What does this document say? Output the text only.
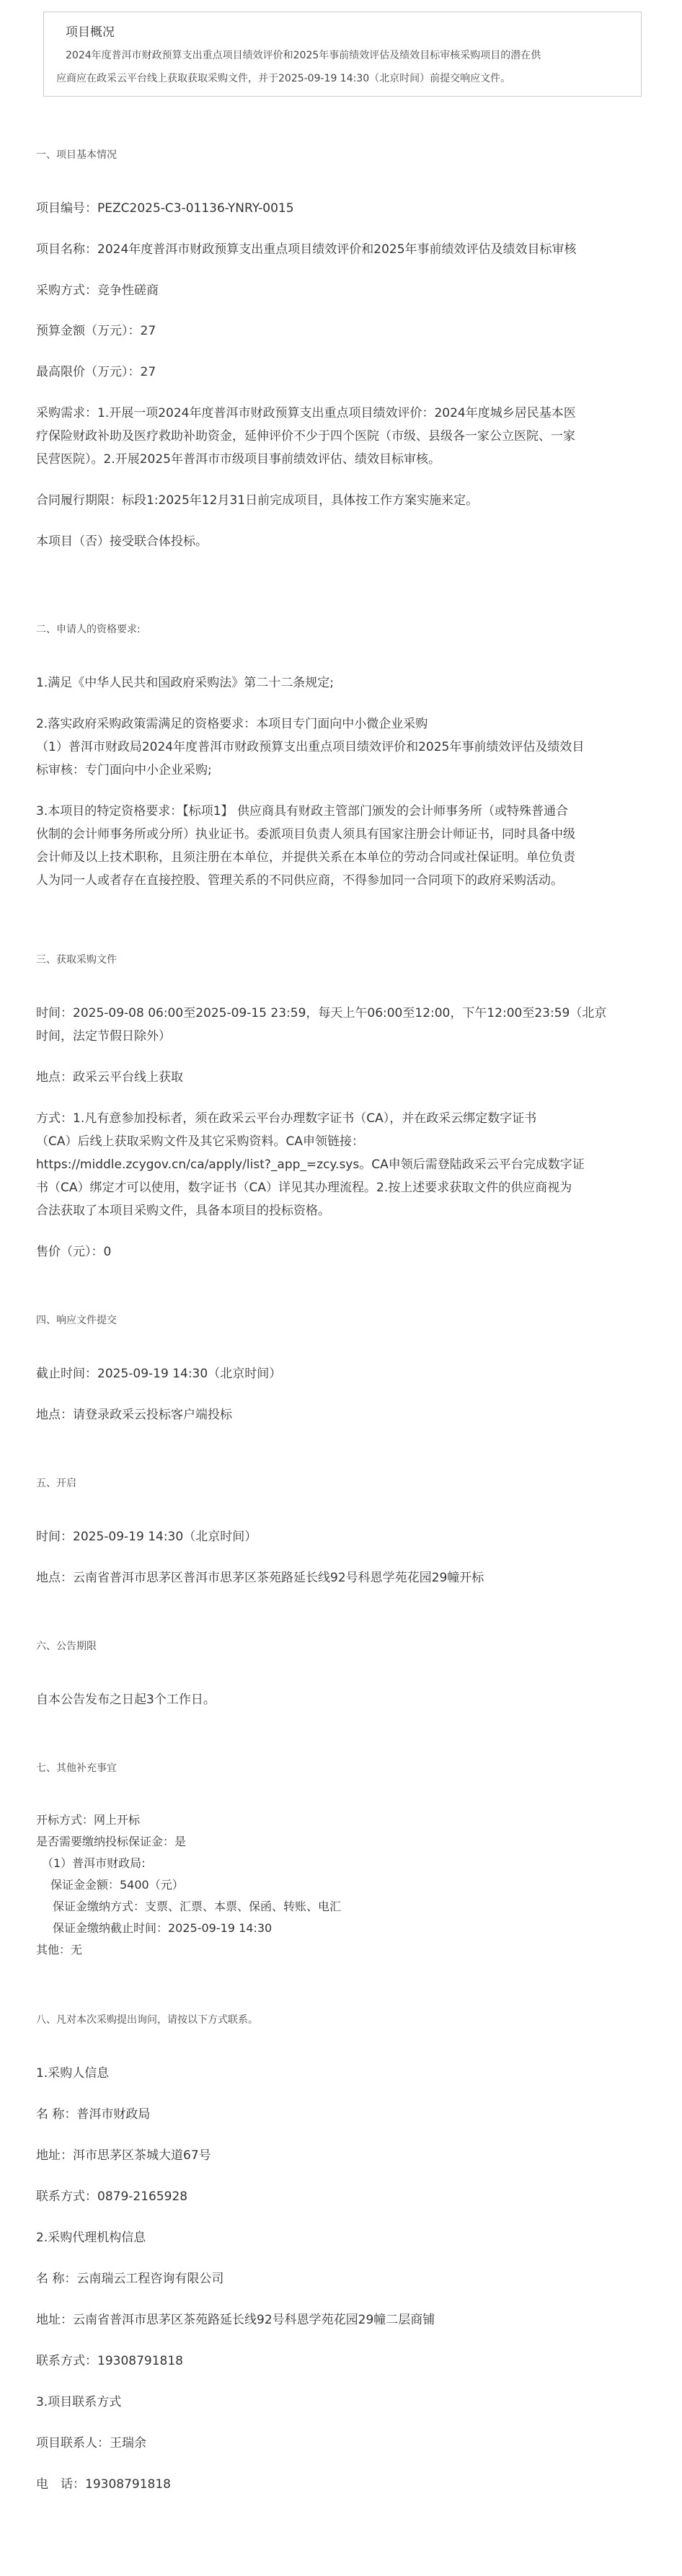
项目概况

2024年度普洱市财政预算支出重点项目绩效评价和2025年事前绩效评估及绩效目标审核采购项目的潜在供

应商应在政采云平台线上获取获取采购文件，并于2025-09-19 14:30（北京时间）前提交响应文件。

一、项目基本情况

项目编号：PEZC2025-C3-01136-YNRY-0015

项目名称：2024年度普洱市财政预算支出重点项目绩效评价和2025年事前绩效评估及绩效目标审核

采购方式：竞争性磋商

预算金额（万元）：27

最高限价（万元）：27

采购需求：1.开展一项2024年度普洱市财政预算支出重点项目绩效评价：2024年度城乡居民基本医

疗保险财政补助及医疗救助补助资金，延伸评价不少于四个医院（市级、县级各一家公立医院、一家

民营医院）。2.开展2025年普洱市市级项目事前绩效评估、绩效目标审核。

合同履行期限：标段1:2025年12月31日前完成项目，具体按工作方案实施来定。

本项目（否）接受联合体投标。

二、申请人的资格要求:

1.满足《中华人民共和国政府采购法》第二十二条规定;

2.落实政府采购政策需满足的资格要求：本项目专门面向中小微企业采购

（1）普洱市财政局2024年度普洱市财政预算支出重点项目绩效评价和2025年事前绩效评估及绩效目

标审核：专门面向中小企业采购;

3.本项目的特定资格要求：【标项1】 供应商具有财政主管部门颁发的会计师事务所（或特殊普通合

伙制的会计师事务所或分所）执业证书。委派项目负责人须具有国家注册会计师证书，同时具备中级

会计师及以上技术职称，且须注册在本单位，并提供关系在本单位的劳动合同或社保证明。单位负责

人为同一人或者存在直接控股、管理关系的不同供应商，不得参加同一合同项下的政府采购活动。

三、获取采购文件

时间：2025-09-08 06:00至2025-09-15 23:59，每天上午06:00至12:00，下午12:00至23:59（北京

时间，法定节假日除外）

地点：政采云平台线上获取

方式：1.凡有意参加投标者，须在政采云平台办理数字证书（CA），并在政采云绑定数字证书

（CA）后线上获取采购文件及其它采购资料。CA申领链接：

https://middle.zcygov.cn/ca/apply/list?_app_=zcy.sys。CA申领后需登陆政采云平台完成数字证

书（CA）绑定才可以使用，数字证书（CA）详见其办理流程。2.按上述要求获取文件的供应商视为

合法获取了本项目采购文件，具备本项目的投标资格。

售价（元）：0

四、响应文件提交

截止时间：2025-09-19 14:30（北京时间）

地点：请登录政采云投标客户端投标

五、开启

时间：2025-09-19 14:30（北京时间）

地点：云南省普洱市思茅区普洱市思茅区茶苑路延长线92号科恩学苑花园29幢开标

六、公告期限

自本公告发布之日起3个工作日。

七、其他补充事宜

开标方式：网上开标

是否需要缴纳投标保证金：是

（1）普洱市财政局:

保证金金额：5400（元）

保证金缴纳方式：支票、汇票、本票、保函、转账、电汇

保证金缴纳截止时间：2025-09-19 14:30

其他：无

八、凡对本次采购提出询问，请按以下方式联系。

1.采购人信息

名 称：普洱市财政局

地址：洱市思茅区茶城大道67号

联系方式：0879-2165928

2.采购代理机构信息

名 称：云南瑞云工程咨询有限公司

地址：云南省普洱市思茅区茶苑路延长线92号科恩学苑花园29幢二层商铺

联系方式：19308791818

3.项目联系方式

项目联系人：王瑞余

电　话：19308791818
